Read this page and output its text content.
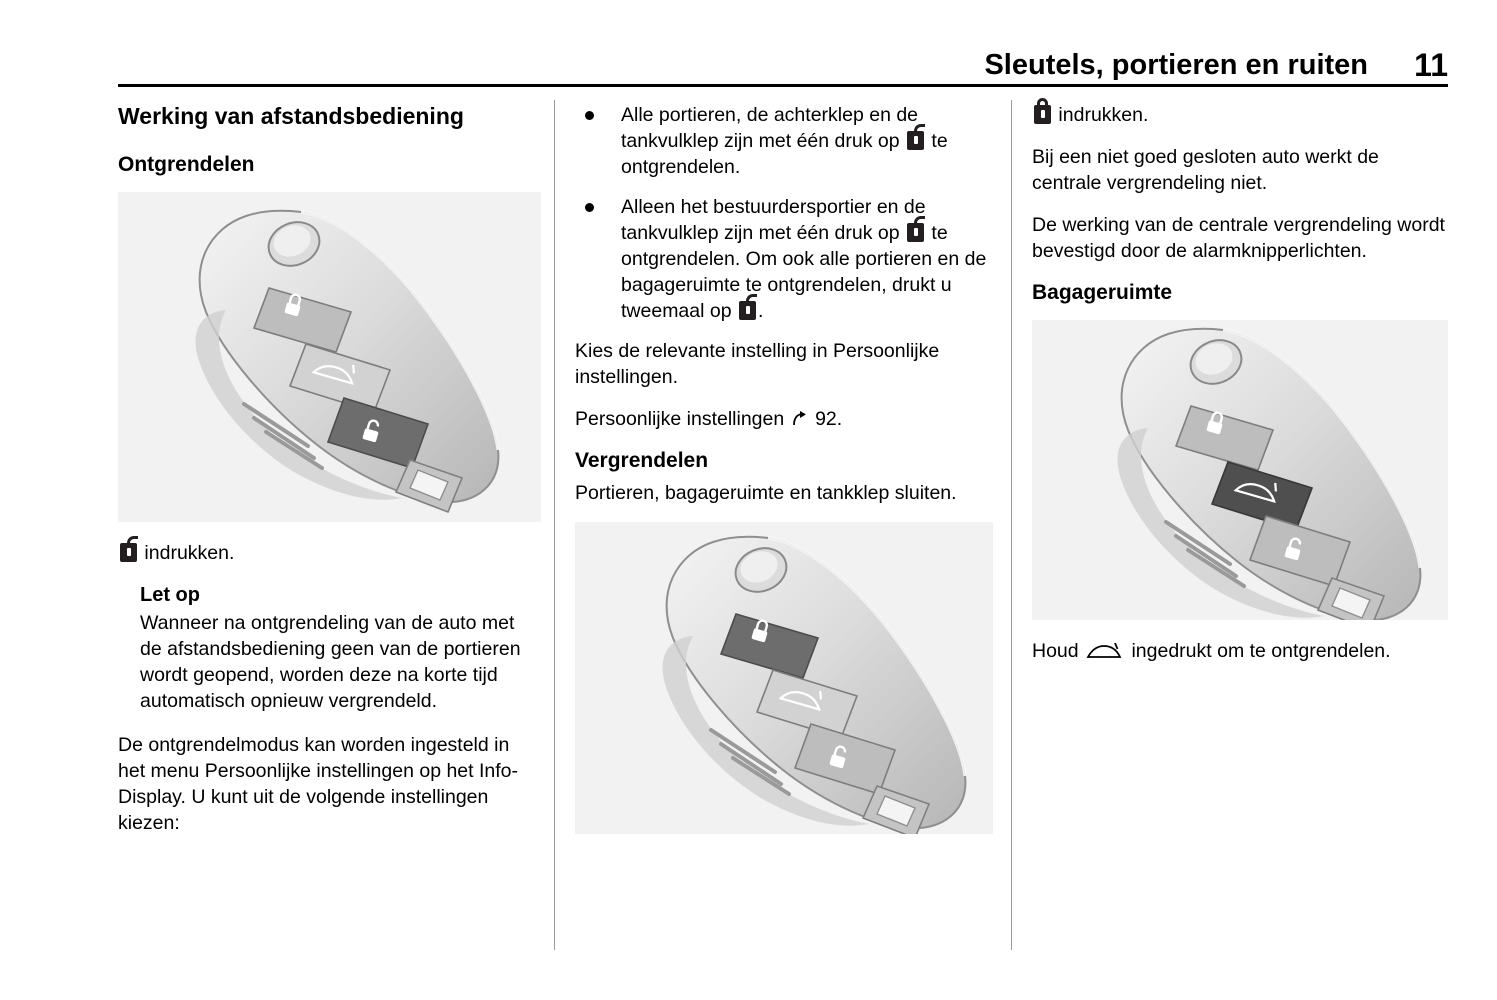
Sleutels, portieren en ruiten 11
Werking van afstandsbediening
Ontgrendelen

indrukken.

Let op

Wanneer na ontgrendeling van de auto met de afstandsbediening geen van de portieren wordt geopend, worden deze na korte tijd automatisch opnieuw vergrendeld.

De ontgrendelmodus kan worden ingesteld in het menu Persoonlijke instellingen op het Info-Display. U kunt uit de volgende instellingen kiezen:

Alle portieren, de achterklep en de tankvulklep zijn met één druk op te ontgrendelen.
Alleen het bestuurdersportier en de tankvulklep zijn met één druk op te ontgrendelen. Om ook alle portieren en de bagageruimte te ontgrendelen, drukt u tweemaal op .

Kies de relevante instelling in Persoonlijke instellingen.

Persoonlijke instellingen 92.

Vergrendelen

Portieren, bagageruimte en tankklep sluiten.

indrukken.

Bij een niet goed gesloten auto werkt de centrale vergrendeling niet.

De werking van de centrale vergrendeling wordt bevestigd door de alarmknipperlichten.

Bagageruimte

Houd	ingedrukt om te ontgrendelen.
